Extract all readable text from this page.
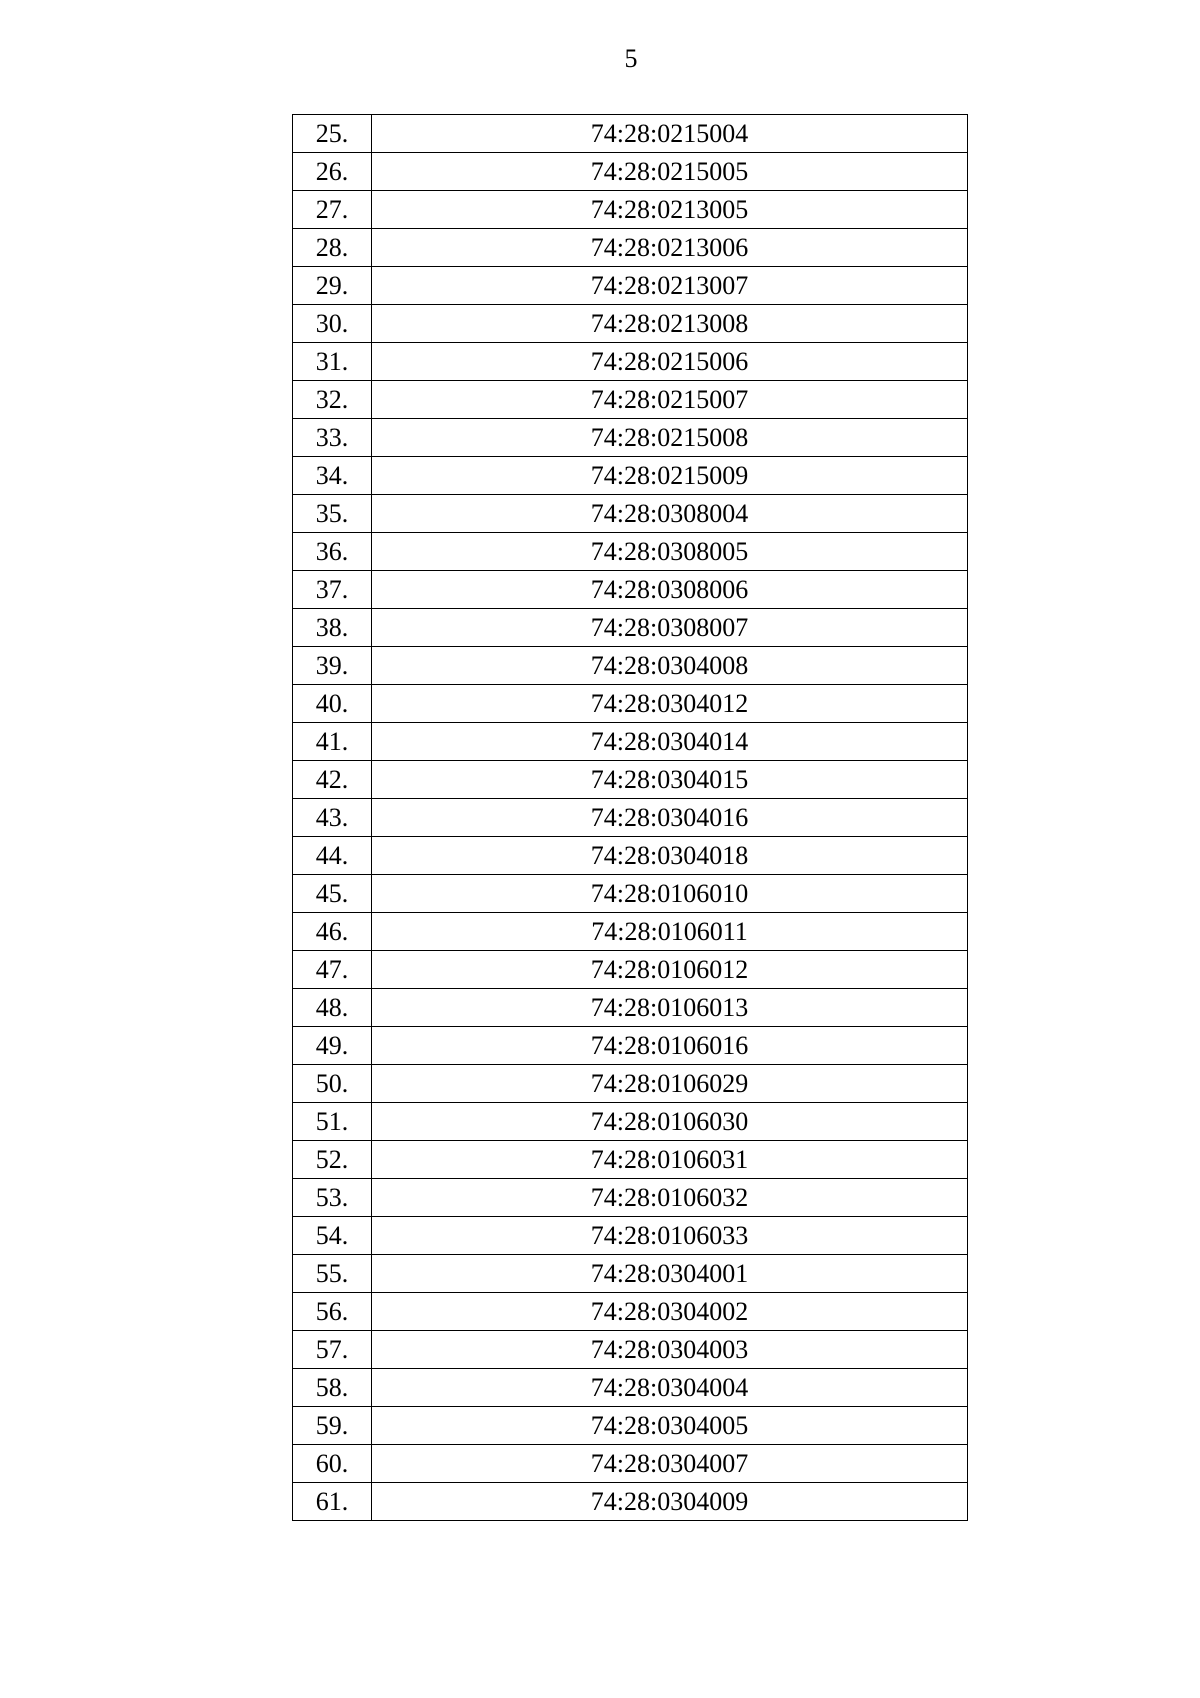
5
25.	74:28:0215004
26.	74:28:0215005
27.	74:28:0213005
28.	74:28:0213006
29.	74:28:0213007
30.	74:28:0213008
31.	74:28:0215006
32.	74:28:0215007
33.	74:28:0215008
34.	74:28:0215009
35.	74:28:0308004
36.	74:28:0308005
37.	74:28:0308006
38.	74:28:0308007
39.	74:28:0304008
40.	74:28:0304012
41.	74:28:0304014
42.	74:28:0304015
43.	74:28:0304016
44.	74:28:0304018
45.	74:28:0106010
46.	74:28:0106011
47.	74:28:0106012
48.	74:28:0106013
49.	74:28:0106016
50.	74:28:0106029
51.	74:28:0106030
52.	74:28:0106031
53.	74:28:0106032
54.	74:28:0106033
55.	74:28:0304001
56.	74:28:0304002
57.	74:28:0304003
58.	74:28:0304004
59.	74:28:0304005
60.	74:28:0304007
61.	74:28:0304009
